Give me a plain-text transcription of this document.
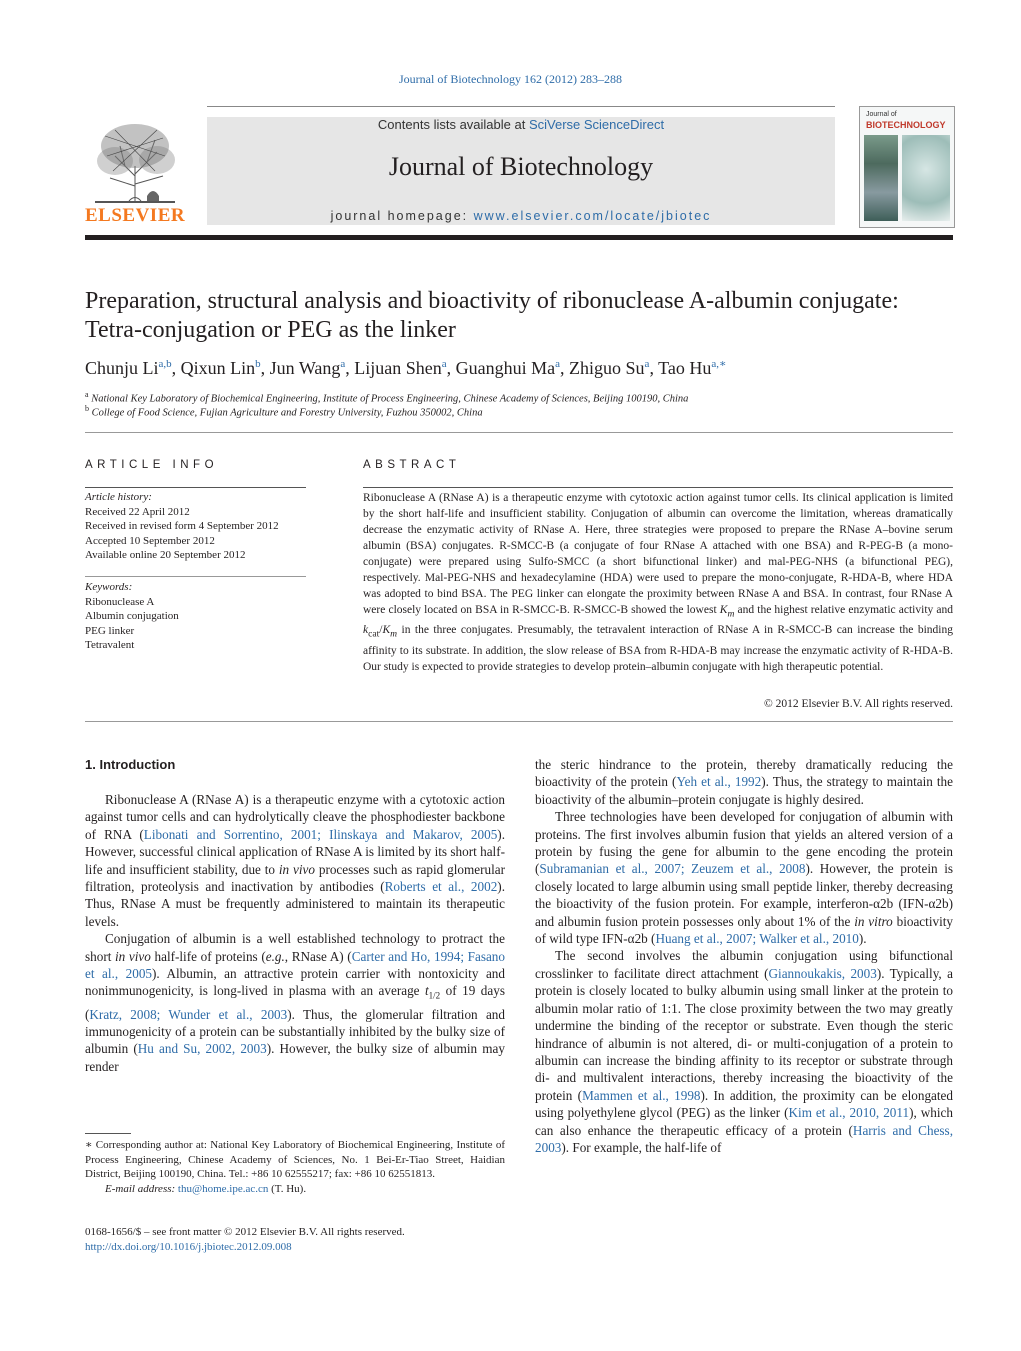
Journal of Biotechnology 162 (2012) 283–288
ELSEVIER
Contents lists available at SciVerse ScienceDirect
Journal of Biotechnology
journal homepage: www.elsevier.com/locate/jbiotec
Journal of
BIOTECHNOLOGY
Preparation, structural analysis and bioactivity of ribonuclease A-albumin conjugate: Tetra-conjugation or PEG as the linker
Chunju Li$^{a,b}$, Qixun Lin$^b$, Jun Wang$^a$, Lijuan Shen$^a$, Guanghui Ma$^a$, Zhiguo Su$^a$, Tao $Hu^{a,∗}$
$^a$ National Key Laboratory of Biochemical Engineering, Institute of Process Engineering, Chinese Academy of Sciences, Beijing 100190, China
$^b$ College of Food Science, Fujian Agriculture and Forestry University, Fuzhou 350002, China
ARTICLE INFO
Article history:
Received 22 April 2012
Received in revised form 4 September 2012
Accepted 10 September 2012
Available online 20 September 2012
Keywords:
Ribonuclease A
Albumin conjugation
PEG linker
Tetravalent
ABSTRACT
Ribonuclease A (RNase A) is a therapeutic enzyme with cytotoxic action against tumor cells. Its clinical application is limited by the short half-life and insufficient stability. Conjugation of albumin can overcome the limitation, whereas dramatically decrease the enzymatic activity of RNase A. Here, three strategies were proposed to prepare the RNase A–bovine serum albumin (BSA) conjugates. R-SMCC-B (a conjugate of four RNase A attached with one BSA) and R-PEG-B (a mono-conjugate) were prepared using Sulfo-SMCC (a short bifunctional linker) and mal-PEG-NHS (a bifunctional PEG), respectively. Mal-PEG-NHS and hexadecylamine (HDA) were used to prepare the mono-conjugate, R-HDA-B, where HDA was adopted to bind BSA. The PEG linker can elongate the proximity between RNase A and BSA. In contrast, four RNase A were closely located on BSA in R-SMCC-B. R-SMCC-B showed the lowest $K_m$ and the highest relative enzymatic activity and $k_{cat}/K_m$ in the three conjugates. Presumably, the tetravalent interaction of RNase A in R-SMCC-B can increase the binding affinity to its substrate. In addition, the slow release of BSA from R-HDA-B may increase the enzymatic activity of R-HDA-B. Our study is expected to provide strategies to develop protein–albumin conjugate with high therapeutic potential.
© 2012 Elsevier B.V. All rights reserved.
1. Introduction

Ribonuclease A (RNase A) is a therapeutic enzyme with a cytotoxic action against tumor cells and can hydrolytically cleave the phosphodiester backbone of RNA (Libonati and Sorrentino, 2001; Ilinskaya and Makarov, 2005). However, successful clinical application of RNase A is limited by its short half-life and insufficient stability, due to in vivo processes such as rapid glomerular filtration, proteolysis and inactivation by antibodies (Roberts et al., 2002). Thus, RNase A must be frequently administered to maintain its therapeutic levels.

Conjugation of albumin is a well established technology to protract the short in vivo half-life of proteins (e.g., RNase A) (Carter and Ho, 1994; Fasano et al., 2005). Albumin, an attractive protein carrier with nontoxicity and nonimmunogenicity, is long-lived in plasma with an average $t_{1/2}$ of 19 days (Kratz, 2008; Wunder et al., 2003). Thus, the glomerular filtration and immunogenicity of a protein can be substantially inhibited by the bulky size of albumin (Hu and Su, 2002, 2003). However, the bulky size of albumin may render

the steric hindrance to the protein, thereby dramatically reducing the bioactivity of the protein (Yeh et al., 1992). Thus, the strategy to maintain the bioactivity of the albumin–protein conjugate is highly desired.

Three technologies have been developed for conjugation of albumin with proteins. The first involves albumin fusion that yields an altered version of a protein by fusing the gene for albumin to the gene encoding the protein (Subramanian et al., 2007; Zeuzem et al., 2008). However, the protein is closely located to large albumin using small peptide linker, thereby decreasing the bioactivity of the fusion protein. For example, interferon-α2b (IFN-α2b) and albumin fusion protein possesses only about 1% of the in vitro bioactivity of wild type IFN-α2b (Huang et al., 2007; Walker et al., 2010).

The second involves the albumin conjugation using bifunctional crosslinker to facilitate direct attachment (Giannoukakis, 2003). Typically, a protein is closely located to bulky albumin using small linker at the protein to albumin molar ratio of 1:1. The close proximity between the two may greatly undermine the binding of the receptor or substrate. Even though the steric hindrance of albumin is not altered, di- or multi-conjugation of a protein to albumin can increase the binding affinity to its receptor or substrate through di- and multivalent interactions, thereby increasing the bioactivity of the protein (Mammen et al., 1998). In addition, the proximity can be elongated using polyethylene glycol (PEG) as the linker (Kim et al., 2010, 2011), which can also enhance the therapeutic efficacy of a protein (Harris and Chess, 2003). For example, the half-life of

∗ Corresponding author at: National Key Laboratory of Biochemical Engineering, Institute of Process Engineering, Chinese Academy of Sciences, No. 1 Bei-Er-Tiao Street, Haidian District, Beijing 100190, China. Tel.: +86 10 62555217; fax: +86 10 62551813.
E-mail address: thu@home.ipe.ac.cn (T. Hu).
0168-1656/$ – see front matter © 2012 Elsevier B.V. All rights reserved.
http://dx.doi.org/10.1016/j.jbiotec.2012.09.008
